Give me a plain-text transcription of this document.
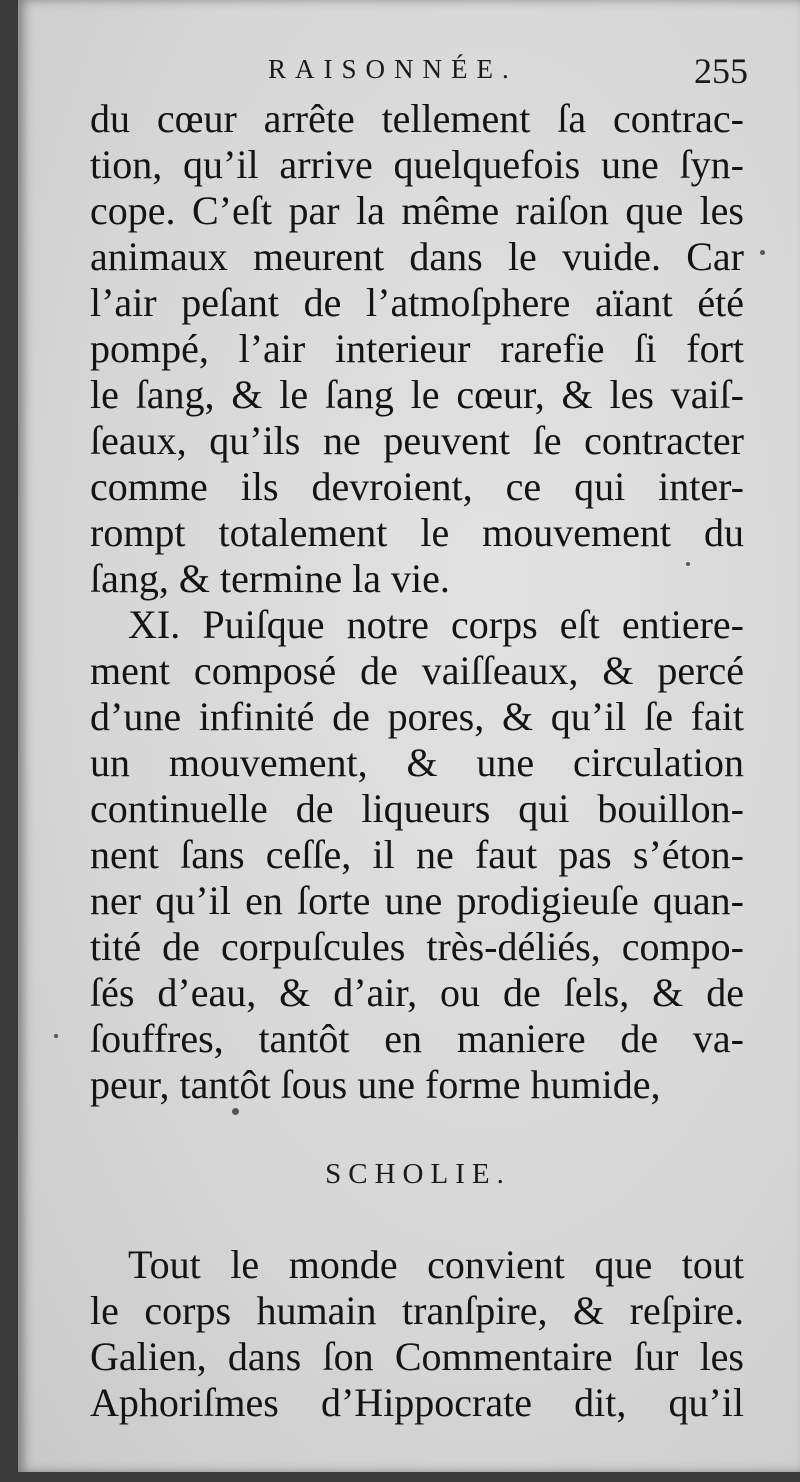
RAISONNÉE.	255
du cœur arrête tellement ſa contrac-
tion, qu’il arrive quelquefois une ſyn-
cope. C’eſt par la même raiſon que les
animaux meurent dans le vuide. Car
l’air peſant de l’atmoſphere aïant été
pompé, l’air interieur rarefie ſi fort
le ſang, & le ſang le cœur, & les vaiſ-
ſeaux, qu’ils ne peuvent ſe contracter
comme ils devroient, ce qui inter-
rompt totalement le mouvement du
ſang, & termine la vie.
XI. Puiſque notre corps eſt entiere-
ment composé de vaiſſeaux, & percé
d’une infinité de pores, & qu’il ſe fait
un mouvement, & une circulation
continuelle de liqueurs qui bouillon-
nent ſans ceſſe, il ne faut pas s’éton-
ner qu’il en ſorte une prodigieuſe quan-
tité de corpuſcules très-déliés, compo-
ſés d’eau, & d’air, ou de ſels, & de
ſouffres, tantôt en maniere de va-
peur, tantôt ſous une forme humide,
SCHOLIE.
Tout le monde convient que tout
le corps humain tranſpire, & reſpire.
Galien, dans ſon Commentaire ſur les
Aphoriſmes d’Hippocrate dit, qu’il
